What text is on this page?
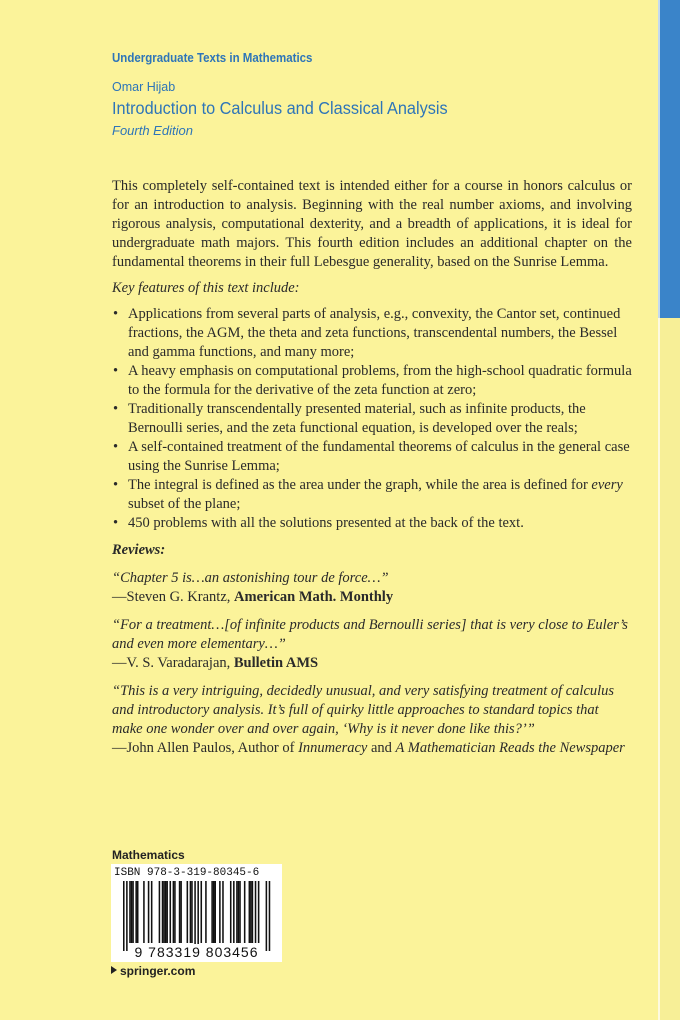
Undergraduate Texts in Mathematics
Omar Hijab
Introduction to Calculus and Classical Analysis
Fourth Edition

This completely self-contained text is intended either for a course in honors calculus or for an introduction to analysis. Beginning with the real number axioms, and involving rigorous analysis, computational dexterity, and a breadth of applications, it is ideal for undergraduate math majors. This fourth edition includes an additional chapter on the fundamental theorems in their full Lebesgue generality, based on the Sunrise Lemma.

Key features of this text include:

• Applications from several parts of analysis, e.g., convexity, the Cantor set, continued fractions, the AGM, the theta and zeta functions, transcendental numbers, the Bessel and gamma functions, and many more;
• A heavy emphasis on computational problems, from the high-school quadratic formula to the formula for the derivative of the zeta function at zero;
• Traditionally transcendentally presented material, such as infinite products, the Bernoulli series, and the zeta functional equation, is developed over the reals;
• A self-contained treatment of the fundamental theorems of calculus in the general case using the Sunrise Lemma;
• The integral is defined as the area under the graph, while the area is defined for every subset of the plane;
• 450 problems with all the solutions presented at the back of the text.

Reviews:

“Chapter 5 is…an astonishing tour de force…”
—Steven G. Krantz, American Math. Monthly
“For a treatment…[of infinite products and Bernoulli series] that is very close to Euler’s and even more elementary…”
—V. S. Varadarajan, Bulletin AMS
“This is a very intriguing, decidedly unusual, and very satisfying treatment of calculus and introductory analysis. It’s full of quirky little approaches to standard topics that make one wonder over and over again, ‘Why is it never done like this?’”
—John Allen Paulos, Author of Innumeracy and A Mathematician Reads the Newspaper
Mathematics
ISBN 978-3-319-80345-6
9 783319 803456
springer.com
